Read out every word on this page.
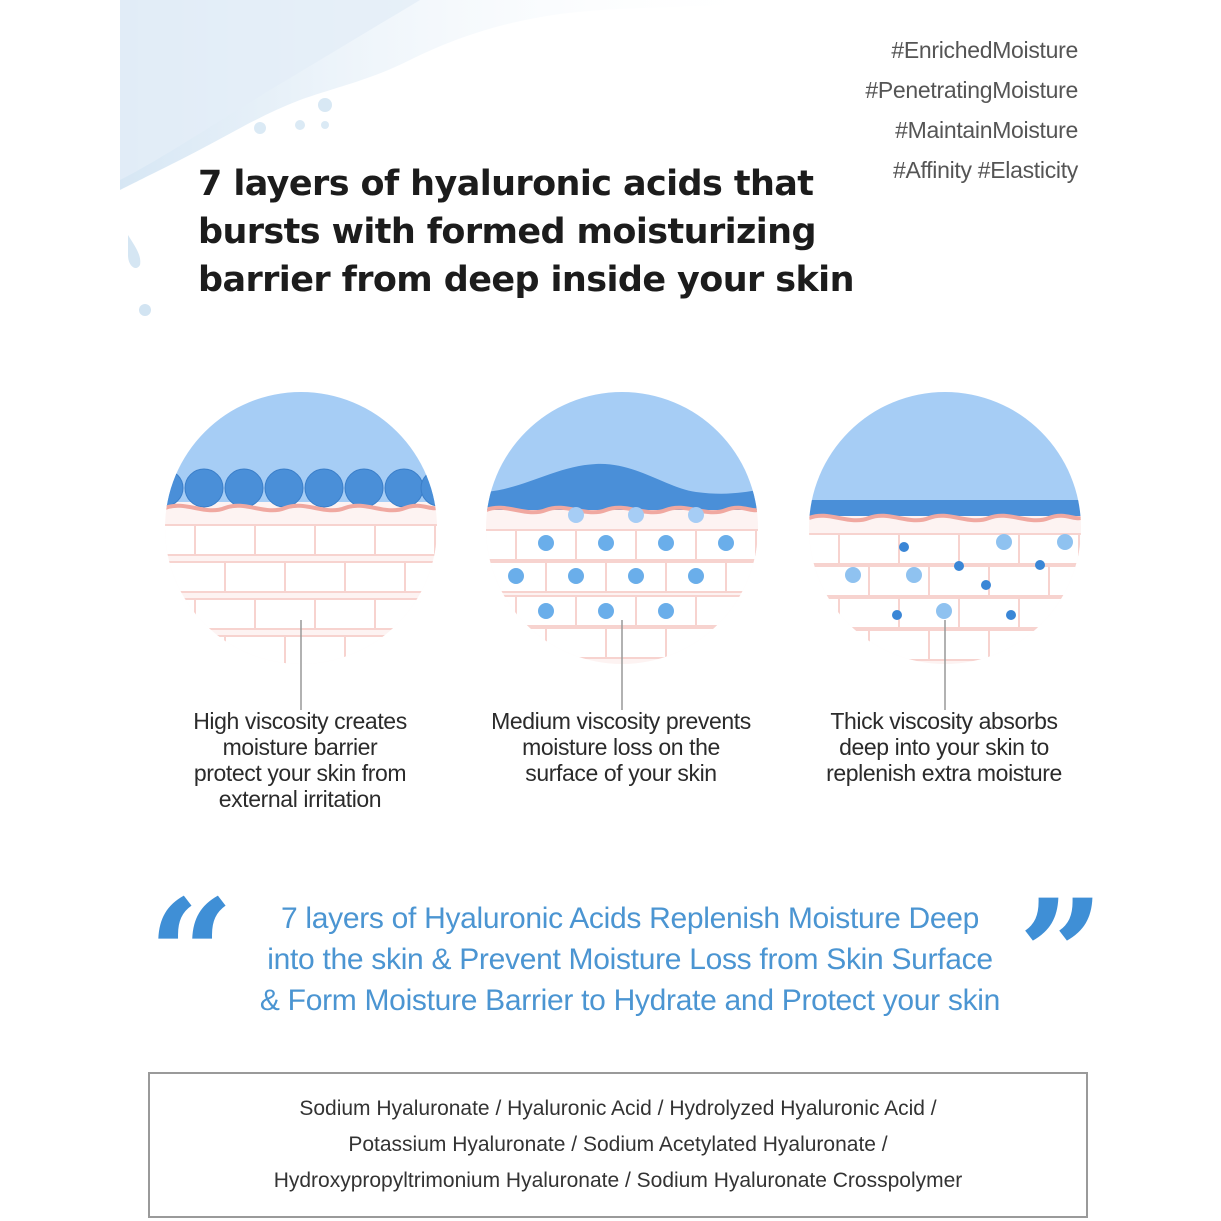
#EnrichedMoisture
#PenetratingMoisture
#MaintainMoisture
#Affinity #Elasticity
7 layers of hyaluronic acids that
bursts with formed moisturizing
barrier from deep inside your skin
High viscosity creates
moisture barrier
protect your skin from
external irritation
Medium viscosity prevents
moisture loss on the
surface of your skin
Thick viscosity absorbs
deep into your skin to
replenish extra moisture
“	”
7 layers of Hyaluronic Acids Replenish Moisture Deep
into the skin & Prevent Moisture Loss from Skin Surface
& Form Moisture Barrier to Hydrate and Protect your skin
Sodium Hyaluronate / Hyaluronic Acid / Hydrolyzed Hyaluronic Acid /
Potassium Hyaluronate / Sodium Acetylated Hyaluronate /
Hydroxypropyltrimonium Hyaluronate / Sodium Hyaluronate Crosspolymer
